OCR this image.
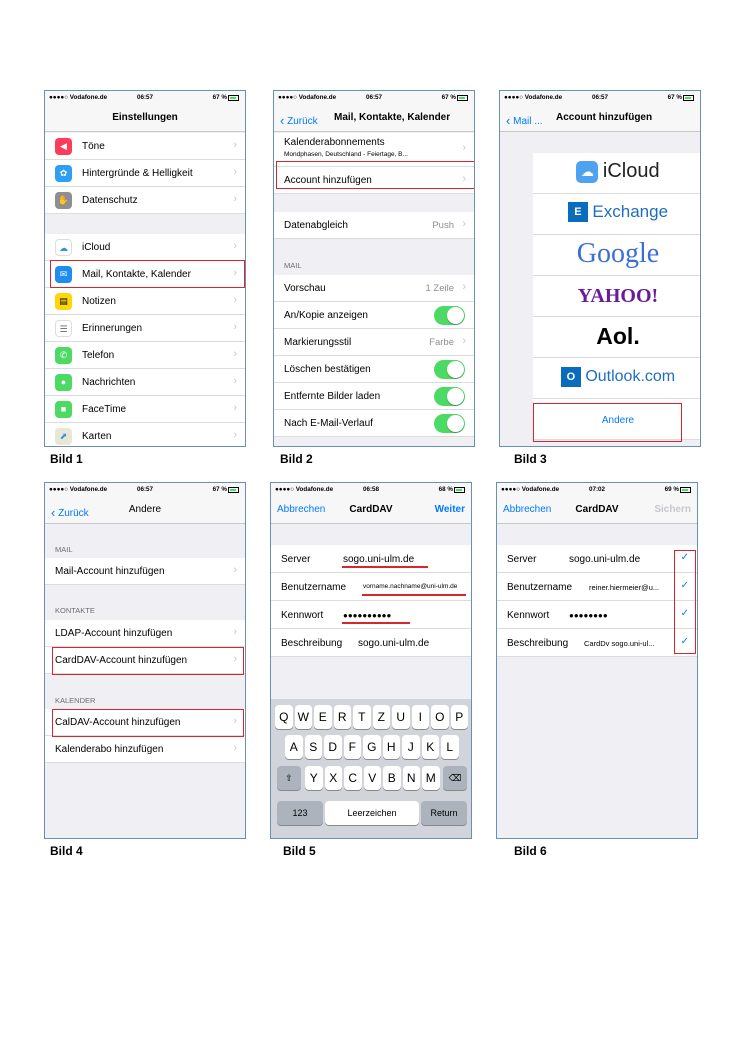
●●●●○ Vodafone.de	06:57	67 %
Einstellungen
◀	Töne	›
✿	Hintergründe & Helligkeit	›
✋ Datenschutz	›
☁	iCloud	›
✉	Mail, Kontakte, Kalender	›
▤	Notizen	›
☰	Erinnerungen	›
✆	Telefon	›
●	Nachrichten	›
■	FaceTime	›
⬈	Karten	›
Bild 1
●●●●○ Vodafone.de	06:57	67 %
‹ Zurück Mail, Kontakte, Kalender
Kalenderabonnements
Mondphasen, Deutschland - Feiertage, B...
›
Account hinzufügen	›
Datenabgleich	Push ›
MAIL
Vorschau	1 Zeile ›
An/Kopie anzeigen
Markierungsstil	Farbe ›
Löschen bestätigen
Entfernte Bilder laden
Nach E-Mail-Verlauf
Bild 2
●●●●○ Vodafone.de	06:57	67 %
‹ Mail ... Account hinzufügen
☁ iCloud
E Exchange
Google
YAHOO!
Aol.
O Outlook.com
Andere
Bild 3
●●●●○ Vodafone.de	06:57	67 %
‹ Zurück	Andere
MAIL
Mail-Account hinzufügen	›
KONTAKTE
LDAP-Account hinzufügen	›
CardDAV-Account hinzufügen	›
KALENDER
CalDAV-Account hinzufügen	›
Kalenderabo hinzufügen	›
Bild 4
●●●●○ Vodafone.de	06:58	68 %
Abbrechen	CardDAV	Weiter
Server	sogo.uni-ulm.de
Benutzername	vorname.nachname@uni-ulm.de
Kennwort ●●●●●●●●●●
Beschreibung sogo.uni-ulm.de
Q W E R T	Z U	I	O P
A S D F G H	J	K	L
Y X C V B N M
⇧	⌫
123	Leerzeichen	Return
Bild 5
●●●●○ Vodafone.de	07:02	69 %
Abbrechen	CardDAV	Sichern
Server	sogo.uni-ulm.de	✓
Benutzername reiner.hiermeier@u... ✓
Kennwort ●●●●●●●●	✓
Beschreibung CardDv sogo.uni-ul...	✓
Bild 6
